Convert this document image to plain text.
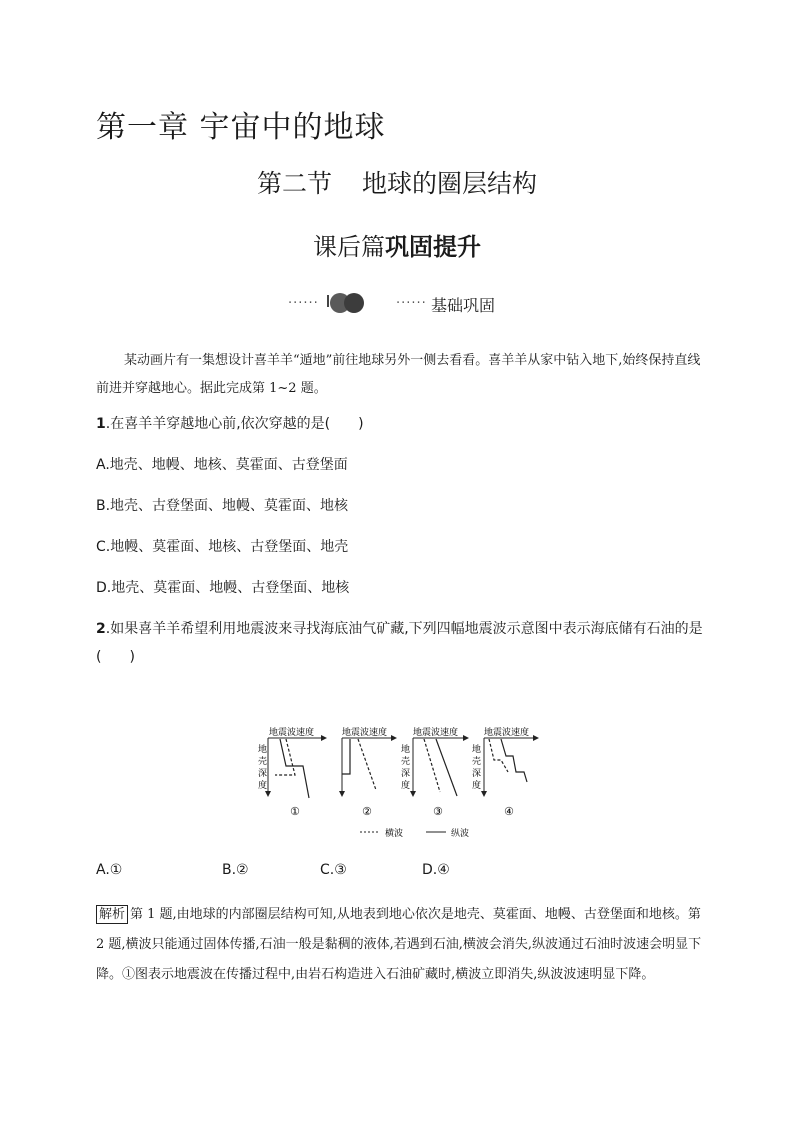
第一章 宇宙中的地球
第二节 地球的圈层结构
课后篇巩固提升
······	······ 基础巩固
某动画片有一集想设计喜羊羊“遁地”前往地球另外一侧去看看。喜羊羊从家中钻入地下,始终保持直线前进并穿越地心。据此完成第 1~2 题。
1.在喜羊羊穿越地心前,依次穿越的是(　　)
A.地壳、地幔、地核、莫霍面、古登堡面
B.地壳、古登堡面、地幔、莫霍面、地核
C.地幔、莫霍面、地核、古登堡面、地壳
D.地壳、莫霍面、地幔、古登堡面、地核
2.如果喜羊羊希望利用地震波来寻找海底油气矿藏,下列四幅地震波示意图中表示海底储有石油的是(　　)
地震波速度
地
壳
深
度
①
地震波速度
②
地震波速度
地
壳
深
度
③
地震波速度
地
壳
深
度
④
横波	纵波
A.①	B.②	C.③	D.④
解析 第 1 题,由地球的内部圈层结构可知,从地表到地心依次是地壳、莫霍面、地幔、古登堡面和地核。第 2 题,横波只能通过固体传播,石油一般是黏稠的液体,若遇到石油,横波会消失,纵波通过石油时波速会明显下降。①图表示地震波在传播过程中,由岩石构造进入石油矿藏时,横波立即消失,纵波波速明显下降。
